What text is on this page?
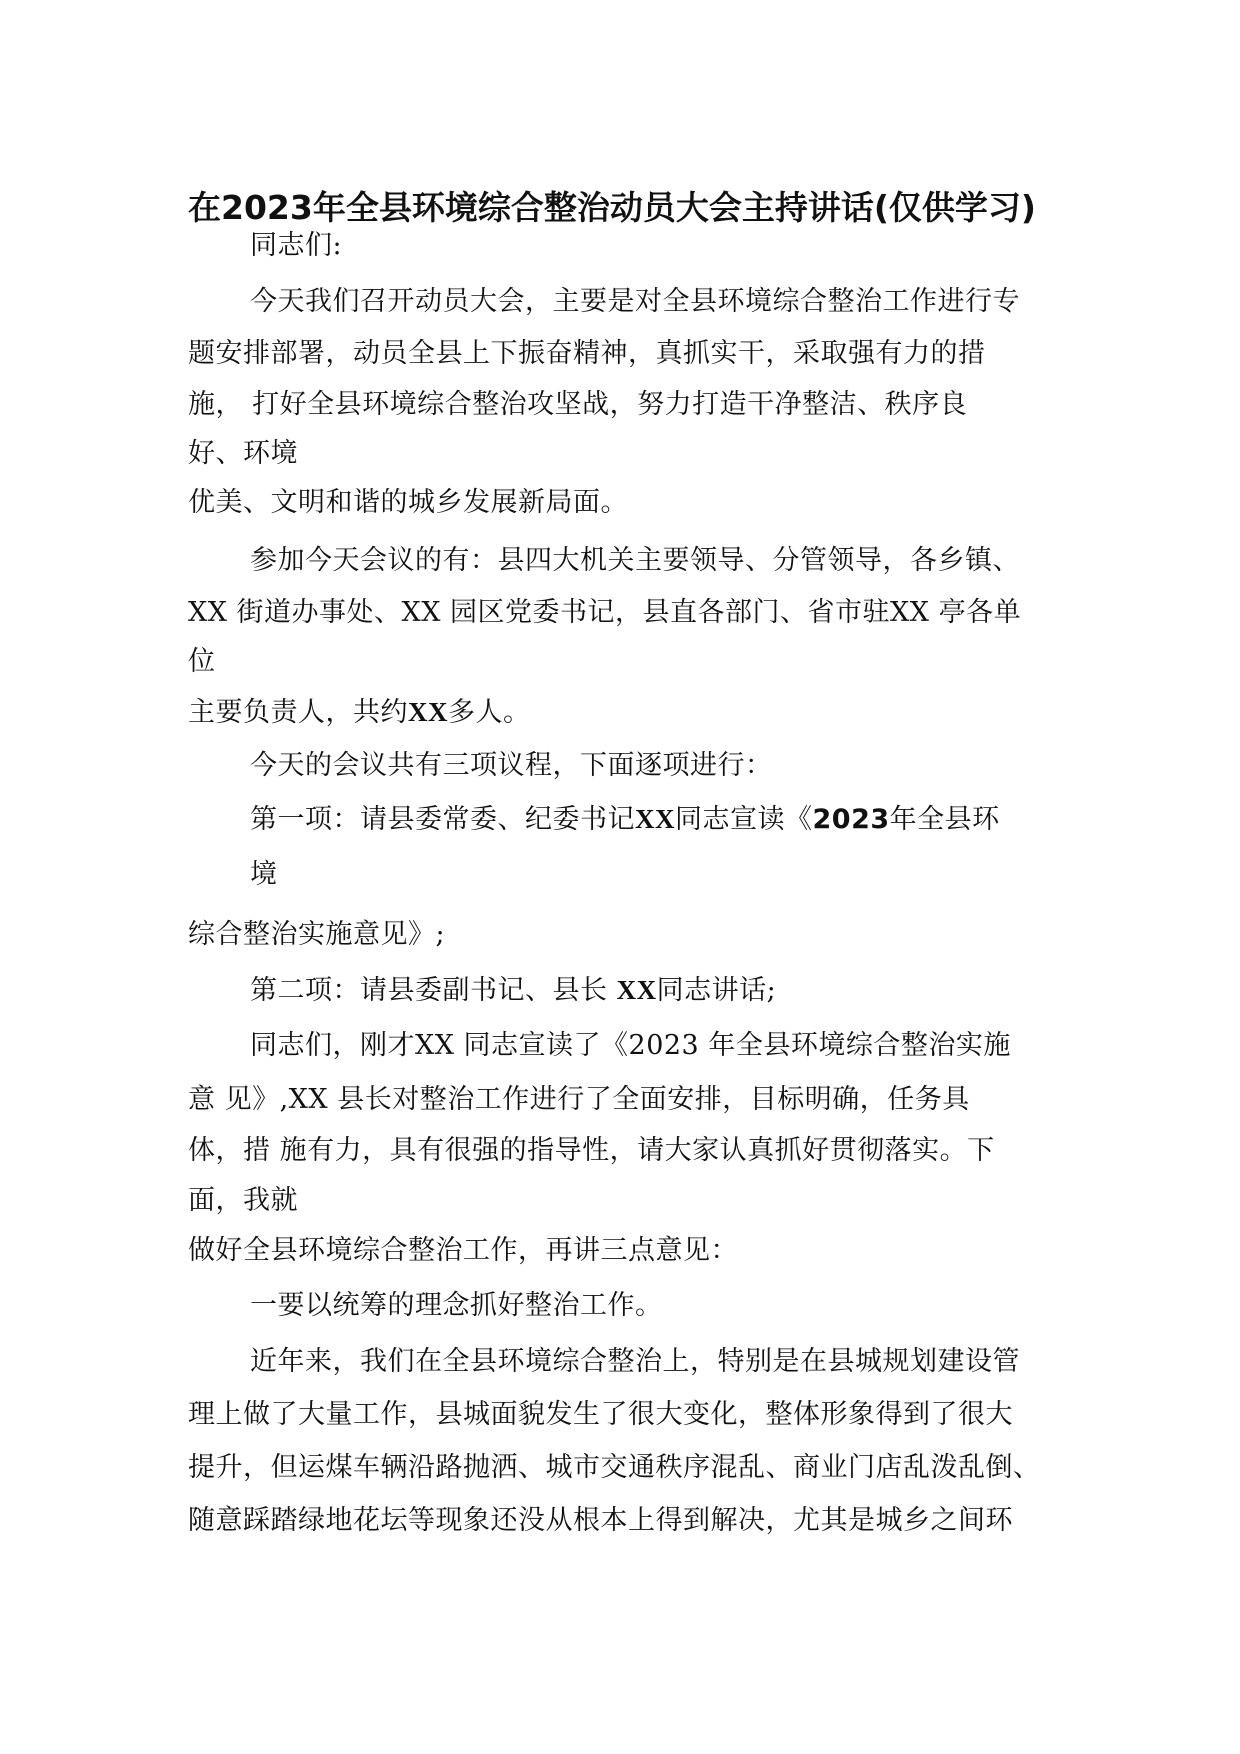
在2023年全县环境综合整治动员大会主持讲话(仅供学习)
同志们:
今天我们召开动员大会，主要是对全县环境综合整治工作进行专
题安排部署，动员全县上下振奋精神，真抓实干，采取强有力的措
施， 打好全县环境综合整治攻坚战，努力打造干净整洁、秩序良
好、环境
优美、文明和谐的城乡发展新局面。
参加今天会议的有：县四大机关主要领导、分管领导，各乡镇、
XX 街道办事处、XX 园区党委书记，县直各部门、省市驻XX 亭各单
位
主要负责人，共约XX多人。
今天的会议共有三项议程，下面逐项进行：
第一项：请县委常委、纪委书记XX同志宣读《2023年全县环
境
综合整治实施意见》;
第二项：请县委副书记、县长 XX同志讲话;
同志们，刚才XX 同志宣读了《2023 年全县环境综合整治实施
意 见》,XX 县长对整治工作进行了全面安排，目标明确，任务具
体，措 施有力，具有很强的指导性，请大家认真抓好贯彻落实。下
面，我就
做好全县环境综合整治工作，再讲三点意见：
一要以统筹的理念抓好整治工作。
近年来，我们在全县环境综合整治上，特别是在县城规划建设管
理上做了大量工作，县城面貌发生了很大变化，整体形象得到了很大
提升，但运煤车辆沿路抛洒、城市交通秩序混乱、商业门店乱泼乱倒、
随意踩踏绿地花坛等现象还没从根本上得到解决，尤其是城乡之间环
